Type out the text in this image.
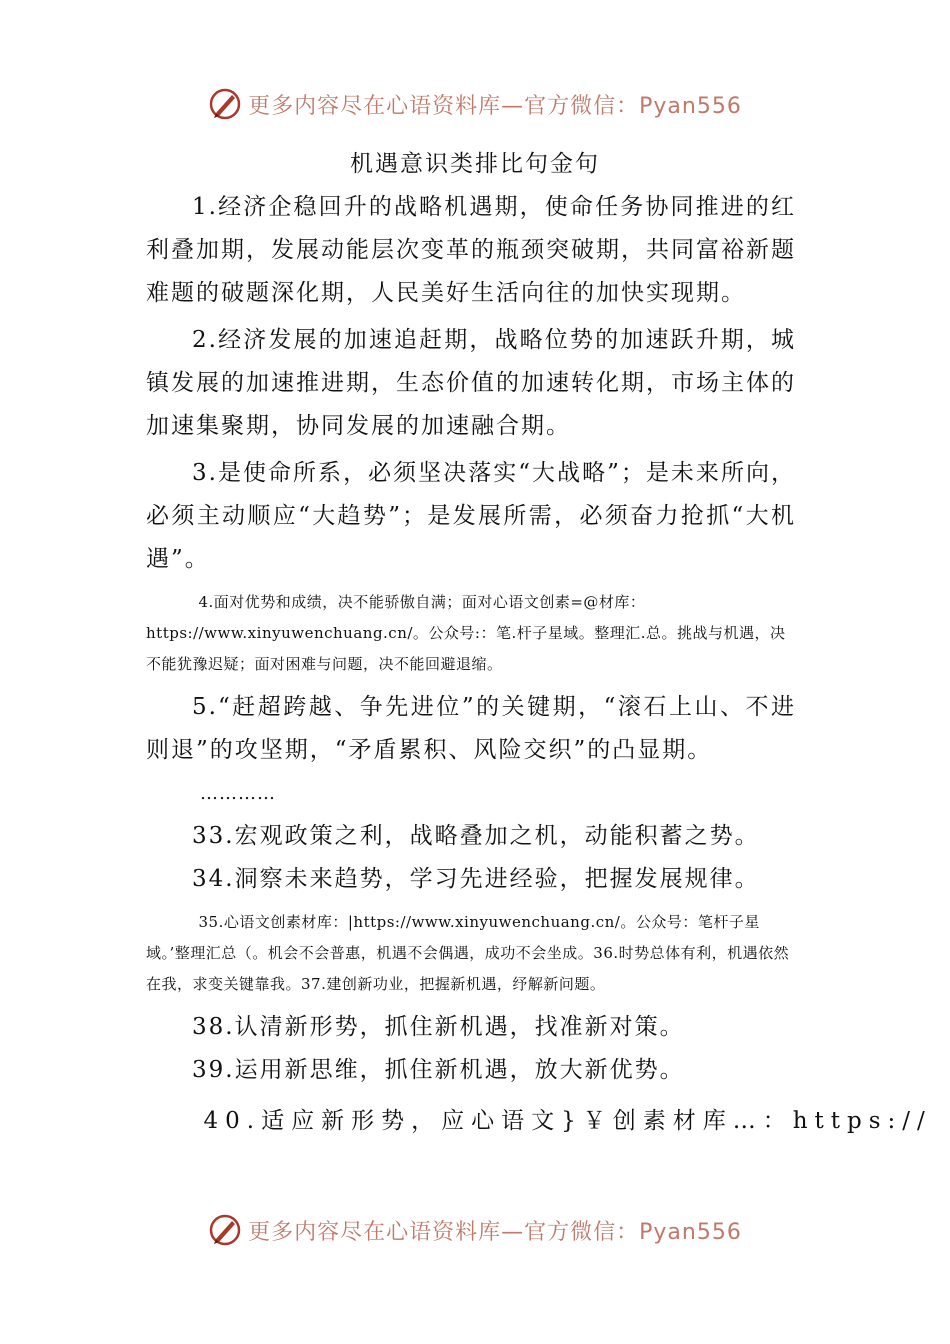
更多内容尽在心语资料库—官方微信：Pyan556
机遇意识类排比句金句

1.经济企稳回升的战略机遇期，使命任务协同推进的红利叠加期，发展动能层次变革的瓶颈突破期，共同富裕新题难题的破题深化期，人民美好生活向往的加快实现期。

2.经济发展的加速追赶期，战略位势的加速跃升期，城镇发展的加速推进期，生态价值的加速转化期，市场主体的加速集聚期，协同发展的加速融合期。

3.是使命所系，必须坚决落实“大战略”；是未来所向，必须主动顺应“大趋势”；是发展所需，必须奋力抢抓“大机遇”。

4.面对优势和成绩，决不能骄傲自满；面对心语文创素=@材库：https://www.xinyuwenchuang.cn/。公众号:：笔.杆子星域。整理汇.总。挑战与机遇，决不能犹豫迟疑；面对困难与问题，决不能回避退缩。

5.“赶超跨越、争先进位”的关键期，“滚石上山、不进则退”的攻坚期，“矛盾累积、风险交织”的凸显期。

…………

33.宏观政策之利，战略叠加之机，动能积蓄之势。

34.洞察未来趋势，学习先进经验，把握发展规律。

35.心语文创素材库：|https://www.xinyuwenchuang.cn/。公众号：笔杆子星域。’整理汇总（。机会不会普惠，机遇不会偶遇，成功不会坐成。36.时势总体有利，机遇依然在我，求变关键靠我。37.建创新功业，把握新机遇，纾解新问题。

38.认清新形势，抓住新机遇，找准新对策。

39.运用新思维，抓住新机遇，放大新优势。

40.适应新形势，应心语文}￥创素材库…：https://

更多内容尽在心语资料库—官方微信：Pyan556
